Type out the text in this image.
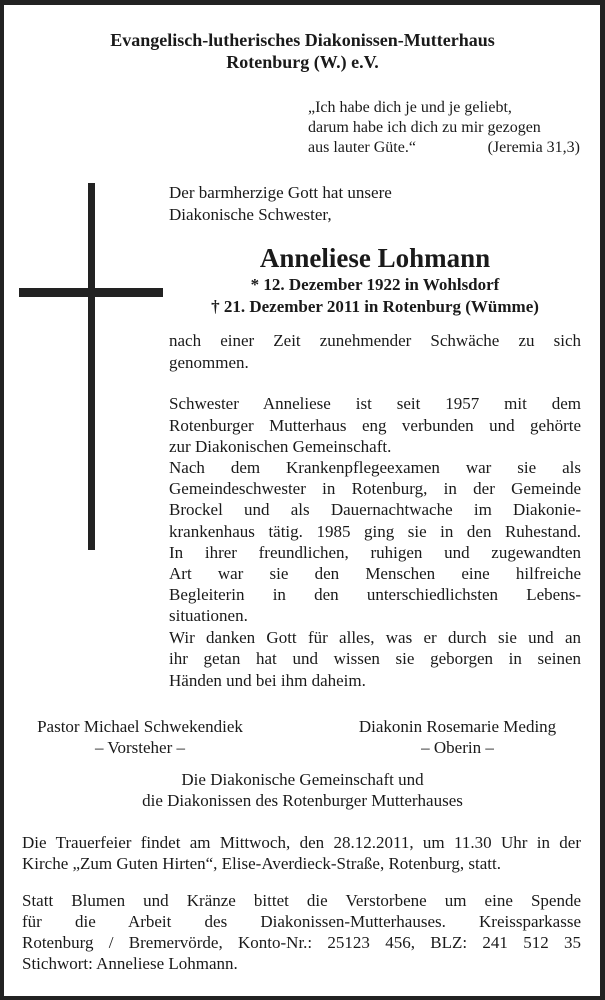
Evangelisch-lutherisches Diakonissen-Mutterhaus
Rotenburg (W.) e.V.
„Ich habe dich je und je geliebt,
darum habe ich dich zu mir gezogen
aus lauter Güte.“	(Jeremia 31,3)
Der barmherzige Gott hat unsere
Diakonische Schwester,
Anneliese Lohmann
* 12. Dezember 1922 in Wohlsdorf
† 21. Dezember 2011 in Rotenburg (Wümme)
nach einer Zeit zunehmender Schwäche zu sich
genommen.
Schwester Anneliese ist seit 1957 mit dem
Rotenburger Mutterhaus eng verbunden und gehörte
zur Diakonischen Gemeinschaft.
Nach dem Krankenpflegeexamen war sie als
Gemeindeschwester in Rotenburg, in der Gemeinde
Brockel und als Dauernachtwache im Diakonie-
krankenhaus tätig. 1985 ging sie in den Ruhestand.
In ihrer freundlichen, ruhigen und zugewandten
Art war sie den Menschen eine hilfreiche
Begleiterin in den unterschiedlichsten Lebens-
situationen.
Wir danken Gott für alles, was er durch sie und an
ihr getan hat und wissen sie geborgen in seinen
Händen und bei ihm daheim.
Pastor Michael Schwekendiek
– Vorsteher –
Diakonin Rosemarie Meding
– Oberin –
Die Diakonische Gemeinschaft und
die Diakonissen des Rotenburger Mutterhauses
Die Trauerfeier findet am Mittwoch, den 28.12.2011, um 11.30 Uhr in der
Kirche „Zum Guten Hirten“, Elise-Averdieck-Straße, Rotenburg, statt.
Statt Blumen und Kränze bittet die Verstorbene um eine Spende
für die Arbeit des Diakonissen-Mutterhauses. Kreissparkasse
Rotenburg / Bremervörde, Konto-Nr.: 25123 456, BLZ: 241 512 35
Stichwort: Anneliese Lohmann.
